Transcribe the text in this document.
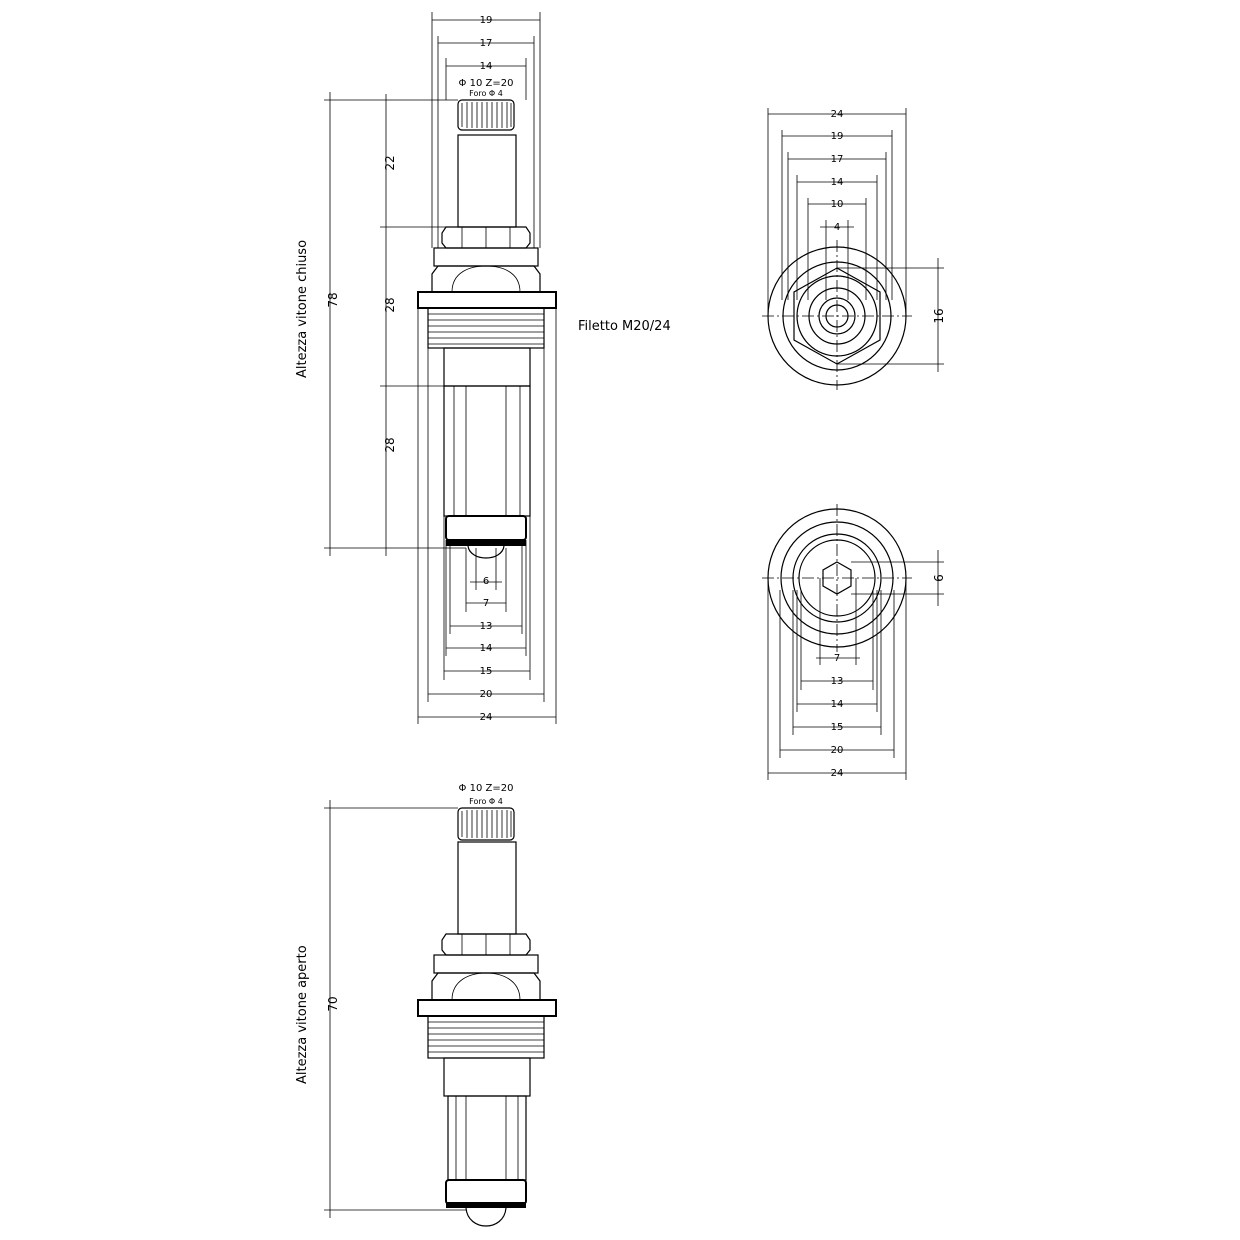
19
17
14
Φ 10 Z=20
Foro Φ 4
78
Altezza vitone chiuso
22
28
28
Filetto M20/24
6
7
13
14
15
20
24
24
19
17
14
10
4
16
7
13
14
15
20
24
6
Φ 10 Z=20
Foro Φ 4
70
Altezza vitone aperto
